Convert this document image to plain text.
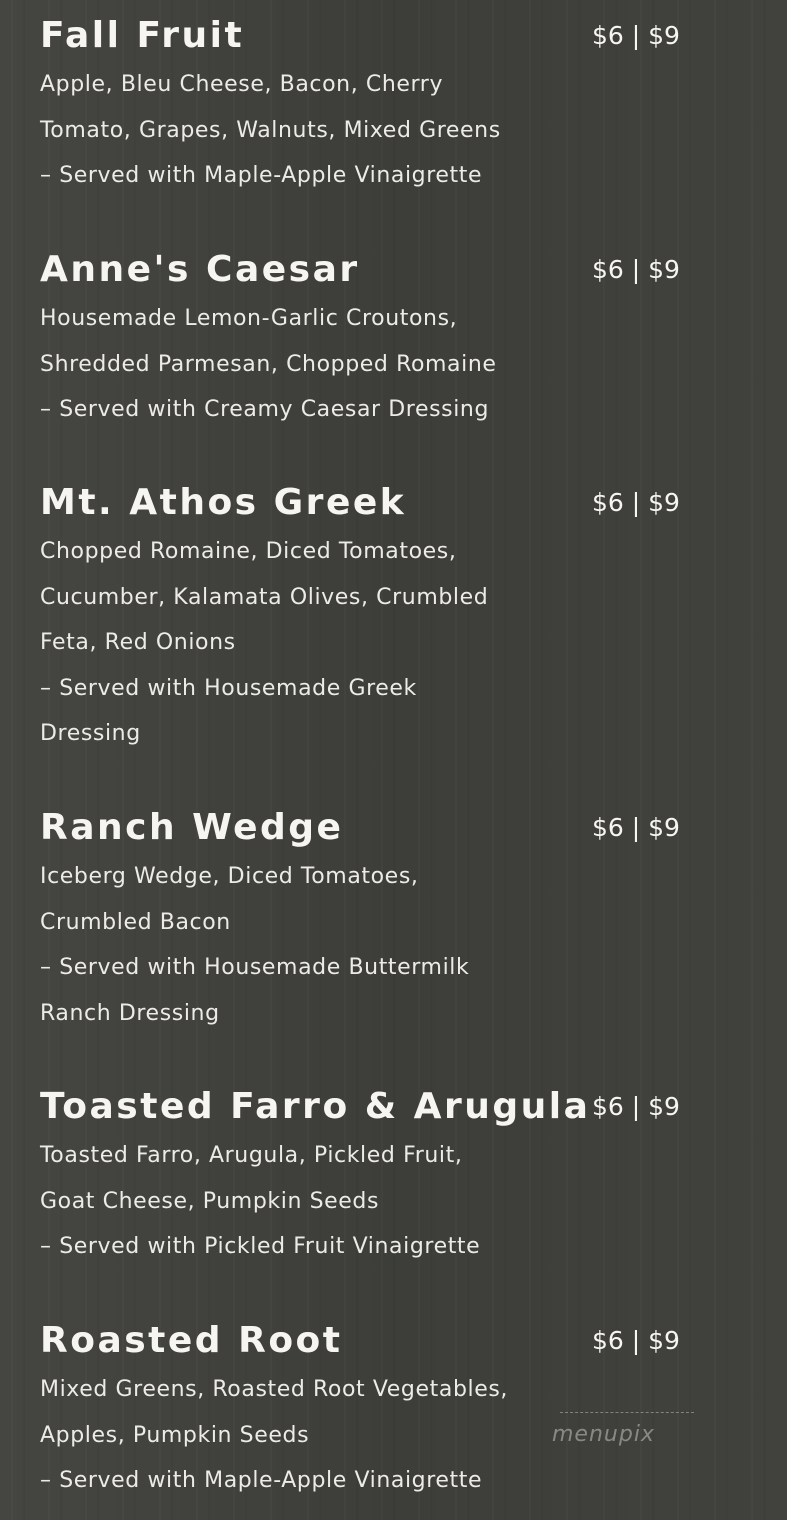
Fall Fruit	$6 | $9
Apple, Bleu Cheese, Bacon, Cherry
Tomato, Grapes, Walnuts, Mixed Greens
– Served with Maple-Apple Vinaigrette
Anne's Caesar	$6 | $9
Housemade Lemon-Garlic Croutons,
Shredded Parmesan, Chopped Romaine
– Served with Creamy Caesar Dressing
Mt. Athos Greek	$6 | $9
Chopped Romaine, Diced Tomatoes,
Cucumber, Kalamata Olives, Crumbled
Feta, Red Onions
– Served with Housemade Greek
Dressing
Ranch Wedge	$6 | $9
Iceberg Wedge, Diced Tomatoes,
Crumbled Bacon
– Served with Housemade Buttermilk
Ranch Dressing
Toasted Farro & Arugula $6 | $9
Toasted Farro, Arugula, Pickled Fruit,
Goat Cheese, Pumpkin Seeds
– Served with Pickled Fruit Vinaigrette
Roasted Root	$6 | $9
Mixed Greens, Roasted Root Vegetables,
Apples, Pumpkin Seeds
– Served with Maple-Apple Vinaigrette
menupix
